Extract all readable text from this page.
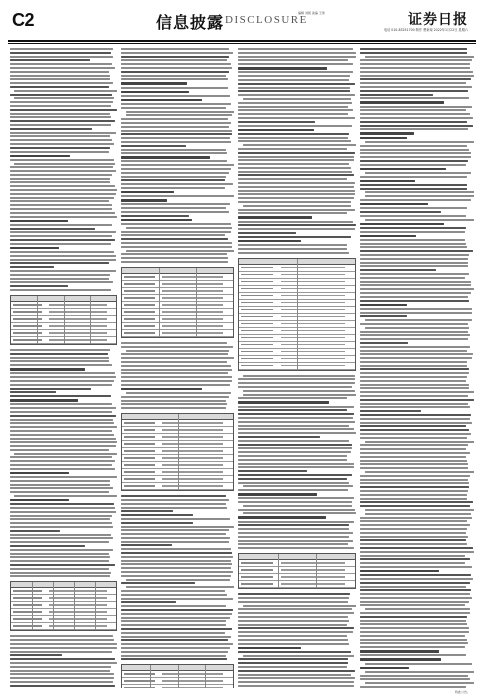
C2	信息披露 DISCLOSURE
编辑 刘凯 美编 王琦	证券日报
电话 010-83251700 制作 曹秉琛 2022年1月22日 星期六
特此公告。
